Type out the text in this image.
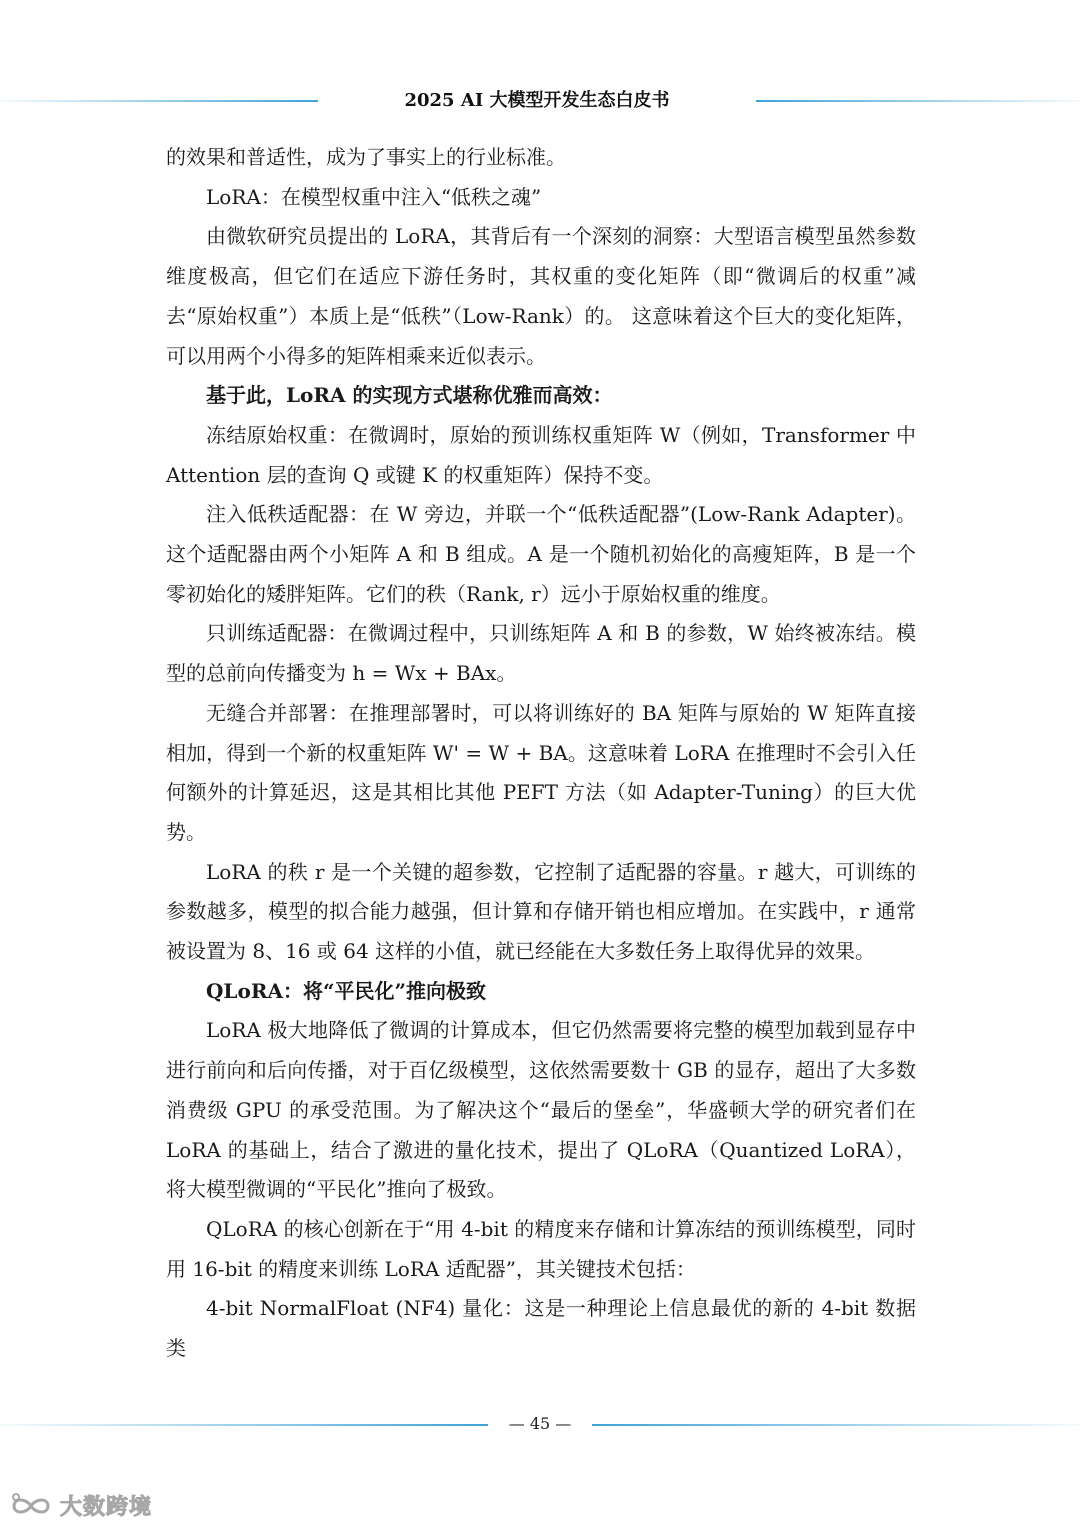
2025 AI 大模型开发生态白皮书

的效果和普适性，成为了事实上的行业标准。

LoRA：在模型权重中注入“低秩之魂”

由微软研究员提出的 LoRA，其背后有一个深刻的洞察：大型语言模型虽然参数维度极高，但它们在适应下游任务时，其权重的变化矩阵（即“微调后的权重”减去“原始权重”）本质上是“低秩”（Low-Rank）的。 这意味着这个巨大的变化矩阵，可以用两个小得多的矩阵相乘来近似表示。

基于此，LoRA 的实现方式堪称优雅而高效：

冻结原始权重：在微调时，原始的预训练权重矩阵 W（例如，Transformer 中 Attention 层的查询 Q 或键 K 的权重矩阵）保持不变。

注入低秩适配器：在 W 旁边，并联一个“低秩适配器”(Low-Rank Adapter)。这个适配器由两个小矩阵 A 和 B 组成。A 是一个随机初始化的高瘦矩阵，B 是一个零初始化的矮胖矩阵。它们的秩（Rank, r）远小于原始权重的维度。

只训练适配器：在微调过程中，只训练矩阵 A 和 B 的参数，W 始终被冻结。模型的总前向传播变为 h = Wx + BAx。

无缝合并部署：在推理部署时，可以将训练好的 BA 矩阵与原始的 W 矩阵直接相加，得到一个新的权重矩阵 W' = W + BA。这意味着 LoRA 在推理时不会引入任何额外的计算延迟，这是其相比其他 PEFT 方法（如 Adapter-Tuning）的巨大优势。

LoRA 的秩 r 是一个关键的超参数，它控制了适配器的容量。r 越大，可训练的参数越多，模型的拟合能力越强，但计算和存储开销也相应增加。在实践中，r 通常被设置为 8、16 或 64 这样的小值，就已经能在大多数任务上取得优异的效果。

QLoRA：将“平民化”推向极致

LoRA 极大地降低了微调的计算成本，但它仍然需要将完整的模型加载到显存中进行前向和后向传播，对于百亿级模型，这依然需要数十 GB 的显存，超出了大多数消费级 GPU 的承受范围。为了解决这个“最后的堡垒”，华盛顿大学的研究者们在 LoRA 的基础上，结合了激进的量化技术，提出了 QLoRA（Quantized LoRA），将大模型微调的“平民化”推向了极致。

QLoRA 的核心创新在于“用 4-bit 的精度来存储和计算冻结的预训练模型，同时用 16-bit 的精度来训练 LoRA 适配器”，其关键技术包括：

4-bit NormalFloat (NF4) 量化：这是一种理论上信息最优的新的 4-bit 数据类

— 45 —
大数跨境
